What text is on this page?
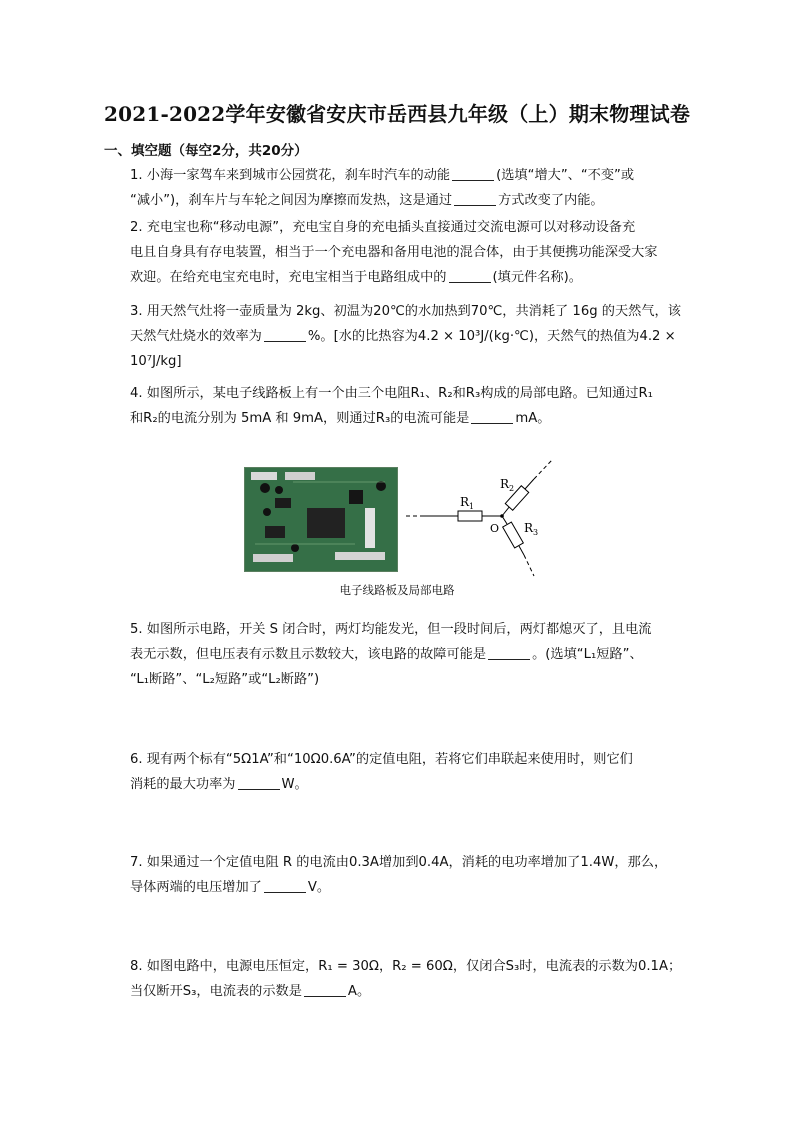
2021-2022学年安徽省安庆市岳西县九年级（上）期末物理试卷
一、填空题（每空2分，共20分）
1. 小海一家驾车来到城市公园赏花，刹车时汽车的动能	(选填“增大”、“不变”或
“减小”)，刹车片与车轮之间因为摩擦而发热，这是通过	方式改变了内能。
2. 充电宝也称“移动电源”，充电宝自身的充电插头直接通过交流电源可以对移动设备充
电且自身具有存电装置，相当于一个充电器和备用电池的混合体，由于其便携功能深受大家
欢迎。在给充电宝充电时，充电宝相当于电路组成中的	(填元件名称)。
3. 用天然气灶将一壶质量为 2kg、初温为20℃的水加热到70℃，共消耗了 16g 的天然气，该
天然气灶烧水的效率为	%。[水的比热容为4.2 × 10³J/(kg·℃)，天然气的热值为4.2 ×
10⁷J/kg]
4. 如图所示，某电子线路板上有一个由三个电阻R₁、R₂和R₃构成的局部电路。已知通过R₁
和R₂的电流分别为 5mA 和 9mA，则通过R₃的电流可能是	mA。
$R_1$
$R_2$
$R_3$
O
电子线路板及局部电路
5. 如图所示电路，开关 S 闭合时，两灯均能发光，但一段时间后，两灯都熄灭了，且电流
表无示数，但电压表有示数且示数较大，该电路的故障可能是	。(选填“L₁短路”、
“L₁断路”、“L₂短路”或“L₂断路”)
6. 现有两个标有“5Ω1A”和“10Ω0.6A”的定值电阻，若将它们串联起来使用时，则它们
消耗的最大功率为	W。
7. 如果通过一个定值电阻 R 的电流由0.3A增加到0.4A，消耗的电功率增加了1.4W，那么，
导体两端的电压增加了	V。
8. 如图电路中，电源电压恒定，R₁ = 30Ω，R₂ = 60Ω，仅闭合S₃时，电流表的示数为0.1A；
当仅断开S₃，电流表的示数是	A。
